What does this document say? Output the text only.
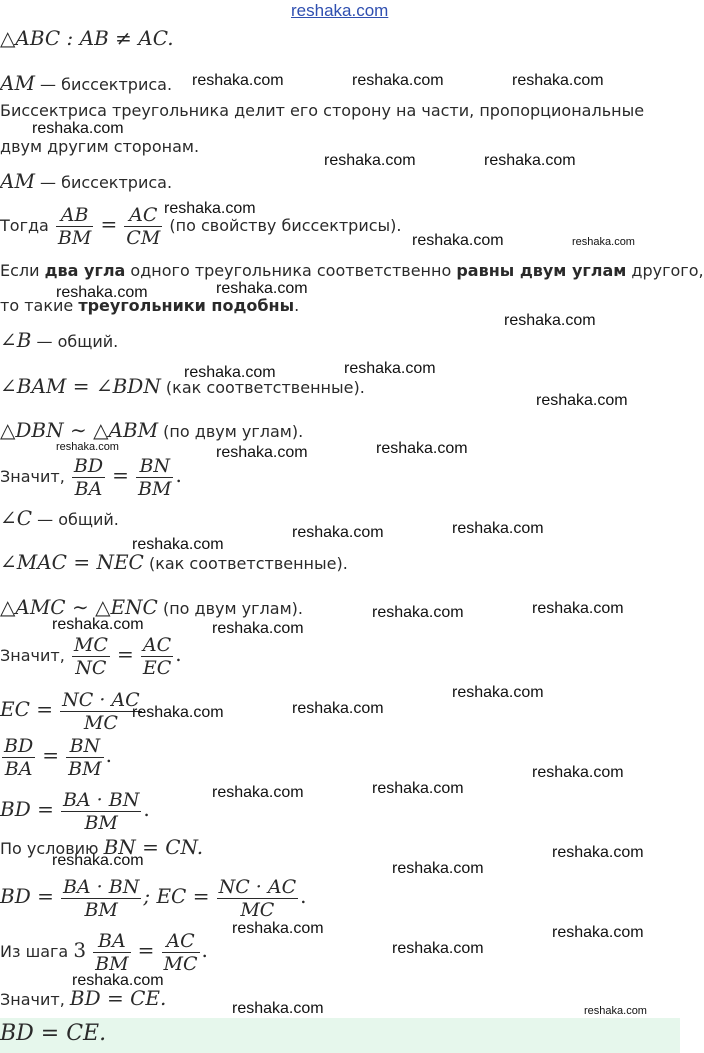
reshaka.com
△ABC : AB ≠ AC.
AM — биссектриса.
Биссектриса треугольника делит его сторону на части, пропорциональные
двум другим сторонам.
AM — биссектриса.
Тогда $\frac{AB}{BM} = \frac{AC}{CM} (по$ свойству биссектрисы).
Если два угла одного треугольника соответственно равны двум углам другого,
то такие треугольники подобны.
∠B — общий.
∠BAM = ∠BDN (как соответственные).
△DBN ∼ △ABM (по двум углам).
Значит, $\frac{BD}{BA} = \frac{BN}{BM}$ .
∠C — общий.
∠MAC = NEC (как соответственные).
△AMC ∼ △ENC (по двум углам).
Значит, $\frac{MC}{NC} = \frac{AC}{EC}$ .
EC = $\frac{NC \cdot AC}{MC}$
$\frac{BD}{BA} = \frac{BN}{BM}$ .
BD = $\frac{BA \cdot BN}{BM}$ .
По условию BN = CN.
BD = $\frac{BA \cdot BN}{BM}$ ; EC = $\frac{NC \cdot AC}{MC}$ .
Из шага $3 \frac{BA}{BM} = \frac{AC}{MC}$ .
Значит, BD = CE.
BD = CE.
reshaka.com	reshaka.com	reshaka.com
reshaka.com
reshaka.com	reshaka.com
reshaka.com
reshaka.com	reshaka.com
reshaka.com
reshaka.com
reshaka.com
reshaka.com
reshaka.com
reshaka.com
reshaka.com	reshaka.com
reshaka.com
reshaka.com
reshaka.com
reshaka.com
reshaka.com
reshaka.com
reshaka.com	reshaka.com
reshaka.com
reshaka.com
reshaka.com
reshaka.com
reshaka.com
reshaka.com
reshaka.com
reshaka.com	reshaka.com
reshaka.com	reshaka.com
reshaka.com
reshaka.com
reshaka.com	reshaka.com
